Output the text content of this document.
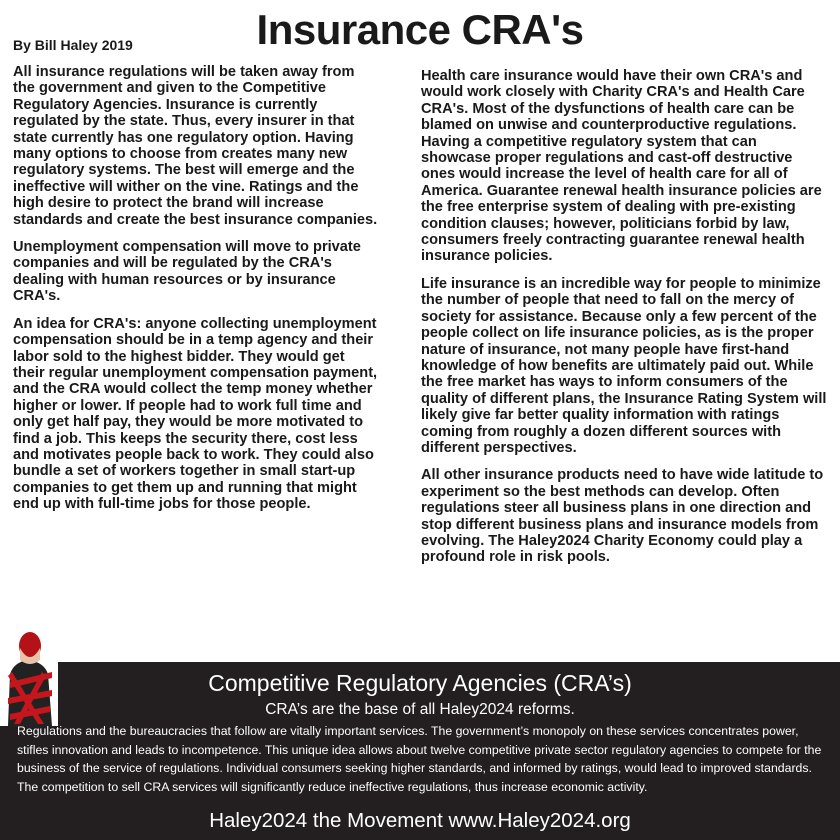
By Bill Haley 2019	Insurance CRA's

All insurance regulations will be taken away from the government and given to the Competitive Regulatory Agencies. Insurance is currently regulated by the state. Thus, every insurer in that state currently has one regulatory option. Having many options to choose from creates many new regulatory systems. The best will emerge and the ineffective will wither on the vine. Ratings and the high desire to protect the brand will increase standards and create the best insurance companies.

Unemployment compensation will move to private companies and will be regulated by the CRA's dealing with human resources or by insurance CRA's.

An idea for CRA's: anyone collecting unemployment compensation should be in a temp agency and their labor sold to the highest bidder. They would get their regular unemployment compensation payment, and the CRA would collect the temp money whether higher or lower. If people had to work full time and only get half pay, they would be more motivated to find a job. This keeps the security there, cost less and motivates people back to work. They could also bundle a set of workers together in small start-up companies to get them up and running that might end up with full-time jobs for those people.

Health care insurance would have their own CRA's and would work closely with Charity CRA's and Health Care CRA's. Most of the dysfunctions of health care can be blamed on unwise and counterproductive regulations. Having a competitive regulatory system that can showcase proper regulations and cast-off destructive ones would increase the level of health care for all of America. Guarantee renewal health insurance policies are the free enterprise system of dealing with pre-existing condition clauses; however, politicians forbid by law, consumers freely contracting guarantee renewal health insurance policies.

Life insurance is an incredible way for people to minimize the number of people that need to fall on the mercy of society for assistance. Because only a few percent of the people collect on life insurance policies, as is the proper nature of insurance, not many people have first-hand knowledge of how benefits are ultimately paid out. While the free market has ways to inform consumers of the quality of different plans, the Insurance Rating System will likely give far better quality information with ratings coming from roughly a dozen different sources with different perspectives.

All other insurance products need to have wide latitude to experiment so the best methods can develop. Often regulations steer all business plans in one direction and stop different business plans and insurance models from evolving. The Haley2024 Charity Economy could play a profound role in risk pools.

Competitive Regulatory Agencies (CRA’s)
CRA’s are the base of all Haley2024 reforms.
Regulations and the bureaucracies that follow are vitally important services. The government’s monopoly on these services concentrates power, stifles innovation and leads to incompetence. This unique idea allows about twelve competitive private sector regulatory agencies to compete for the business of the service of regulations. Individual consumers seeking higher standards, and informed by ratings, would lead to improved standards. The competition to sell CRA services will significantly reduce ineffective regulations, thus increase economic activity.
Haley2024 the Movement www.Haley2024.org
